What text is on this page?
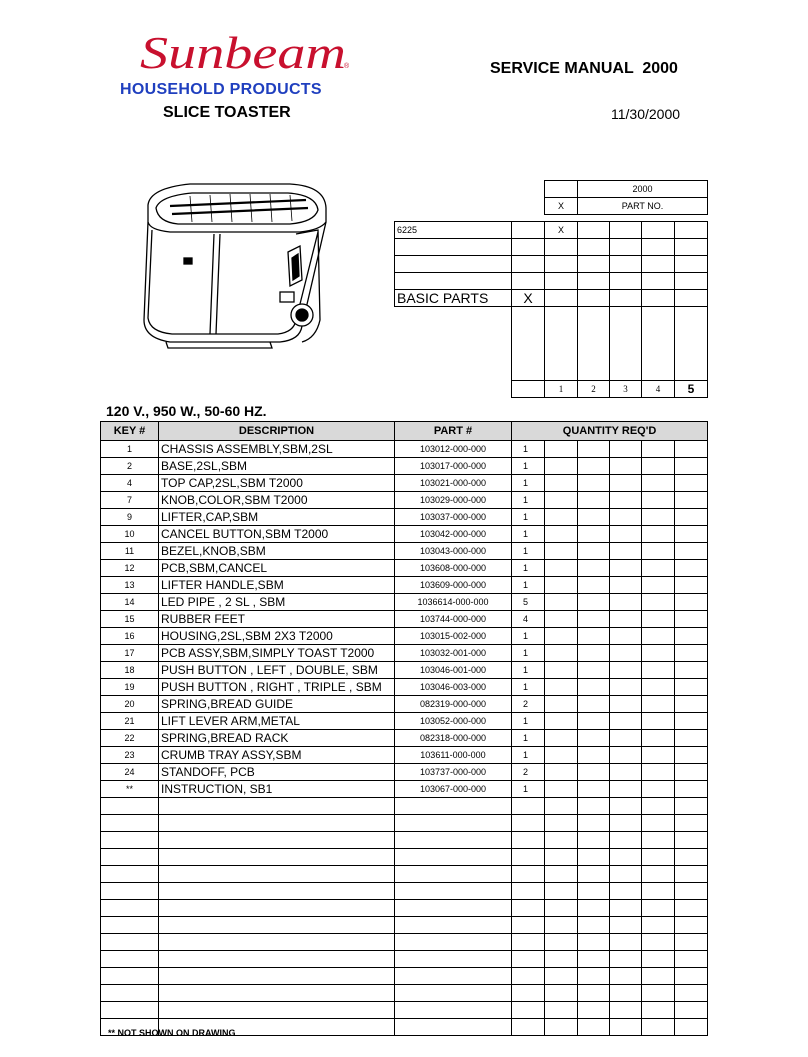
Sunbeam
®
HOUSEHOLD PRODUCTS
SLICE TOASTER
SERVICE MANUAL  2000
11/30/2000
			2000			
		X	PART NO.			

6225		X				

BASIC PARTS	X					

		1	2	3	4	5
120 V., 950 W., 50-60 HZ.
KEY #	DESCRIPTION	PART #	QUANTITY REQ'D					
1	CHASSIS ASSEMBLY,SBM,2SL	103012-000-000	1					
2	BASE,2SL,SBM	103017-000-000	1					
4	TOP CAP,2SL,SBM T2000	103021-000-000	1					
7	KNOB,COLOR,SBM T2000	103029-000-000	1					
9	LIFTER,CAP,SBM	103037-000-000	1					
10	CANCEL BUTTON,SBM T2000	103042-000-000	1					
11	BEZEL,KNOB,SBM	103043-000-000	1					
12	PCB,SBM,CANCEL	103608-000-000	1					
13	LIFTER HANDLE,SBM	103609-000-000	1					
14	LED PIPE , 2 SL , SBM	1036614-000-000	5					
15	RUBBER FEET	103744-000-000	4					
16	HOUSING,2SL,SBM 2X3 T2000	103015-002-000	1					
17	PCB ASSY,SBM,SIMPLY TOAST T2000	103032-001-000	1					
18	PUSH BUTTON , LEFT , DOUBLE, SBM	103046-001-000	1					
19	PUSH BUTTON , RIGHT , TRIPLE , SBM	103046-003-000	1					
20	SPRING,BREAD GUIDE	082319-000-000	2					
21	LIFT LEVER ARM,METAL	103052-000-000	1					
22	SPRING,BREAD RACK	082318-000-000	1					
23	CRUMB TRAY ASSY,SBM	103611-000-000	1					
24	STANDOFF, PCB	103737-000-000	2					
**	INSTRUCTION, SB1	103067-000-000	1					

** NOT SHOWN ON DRAWING
